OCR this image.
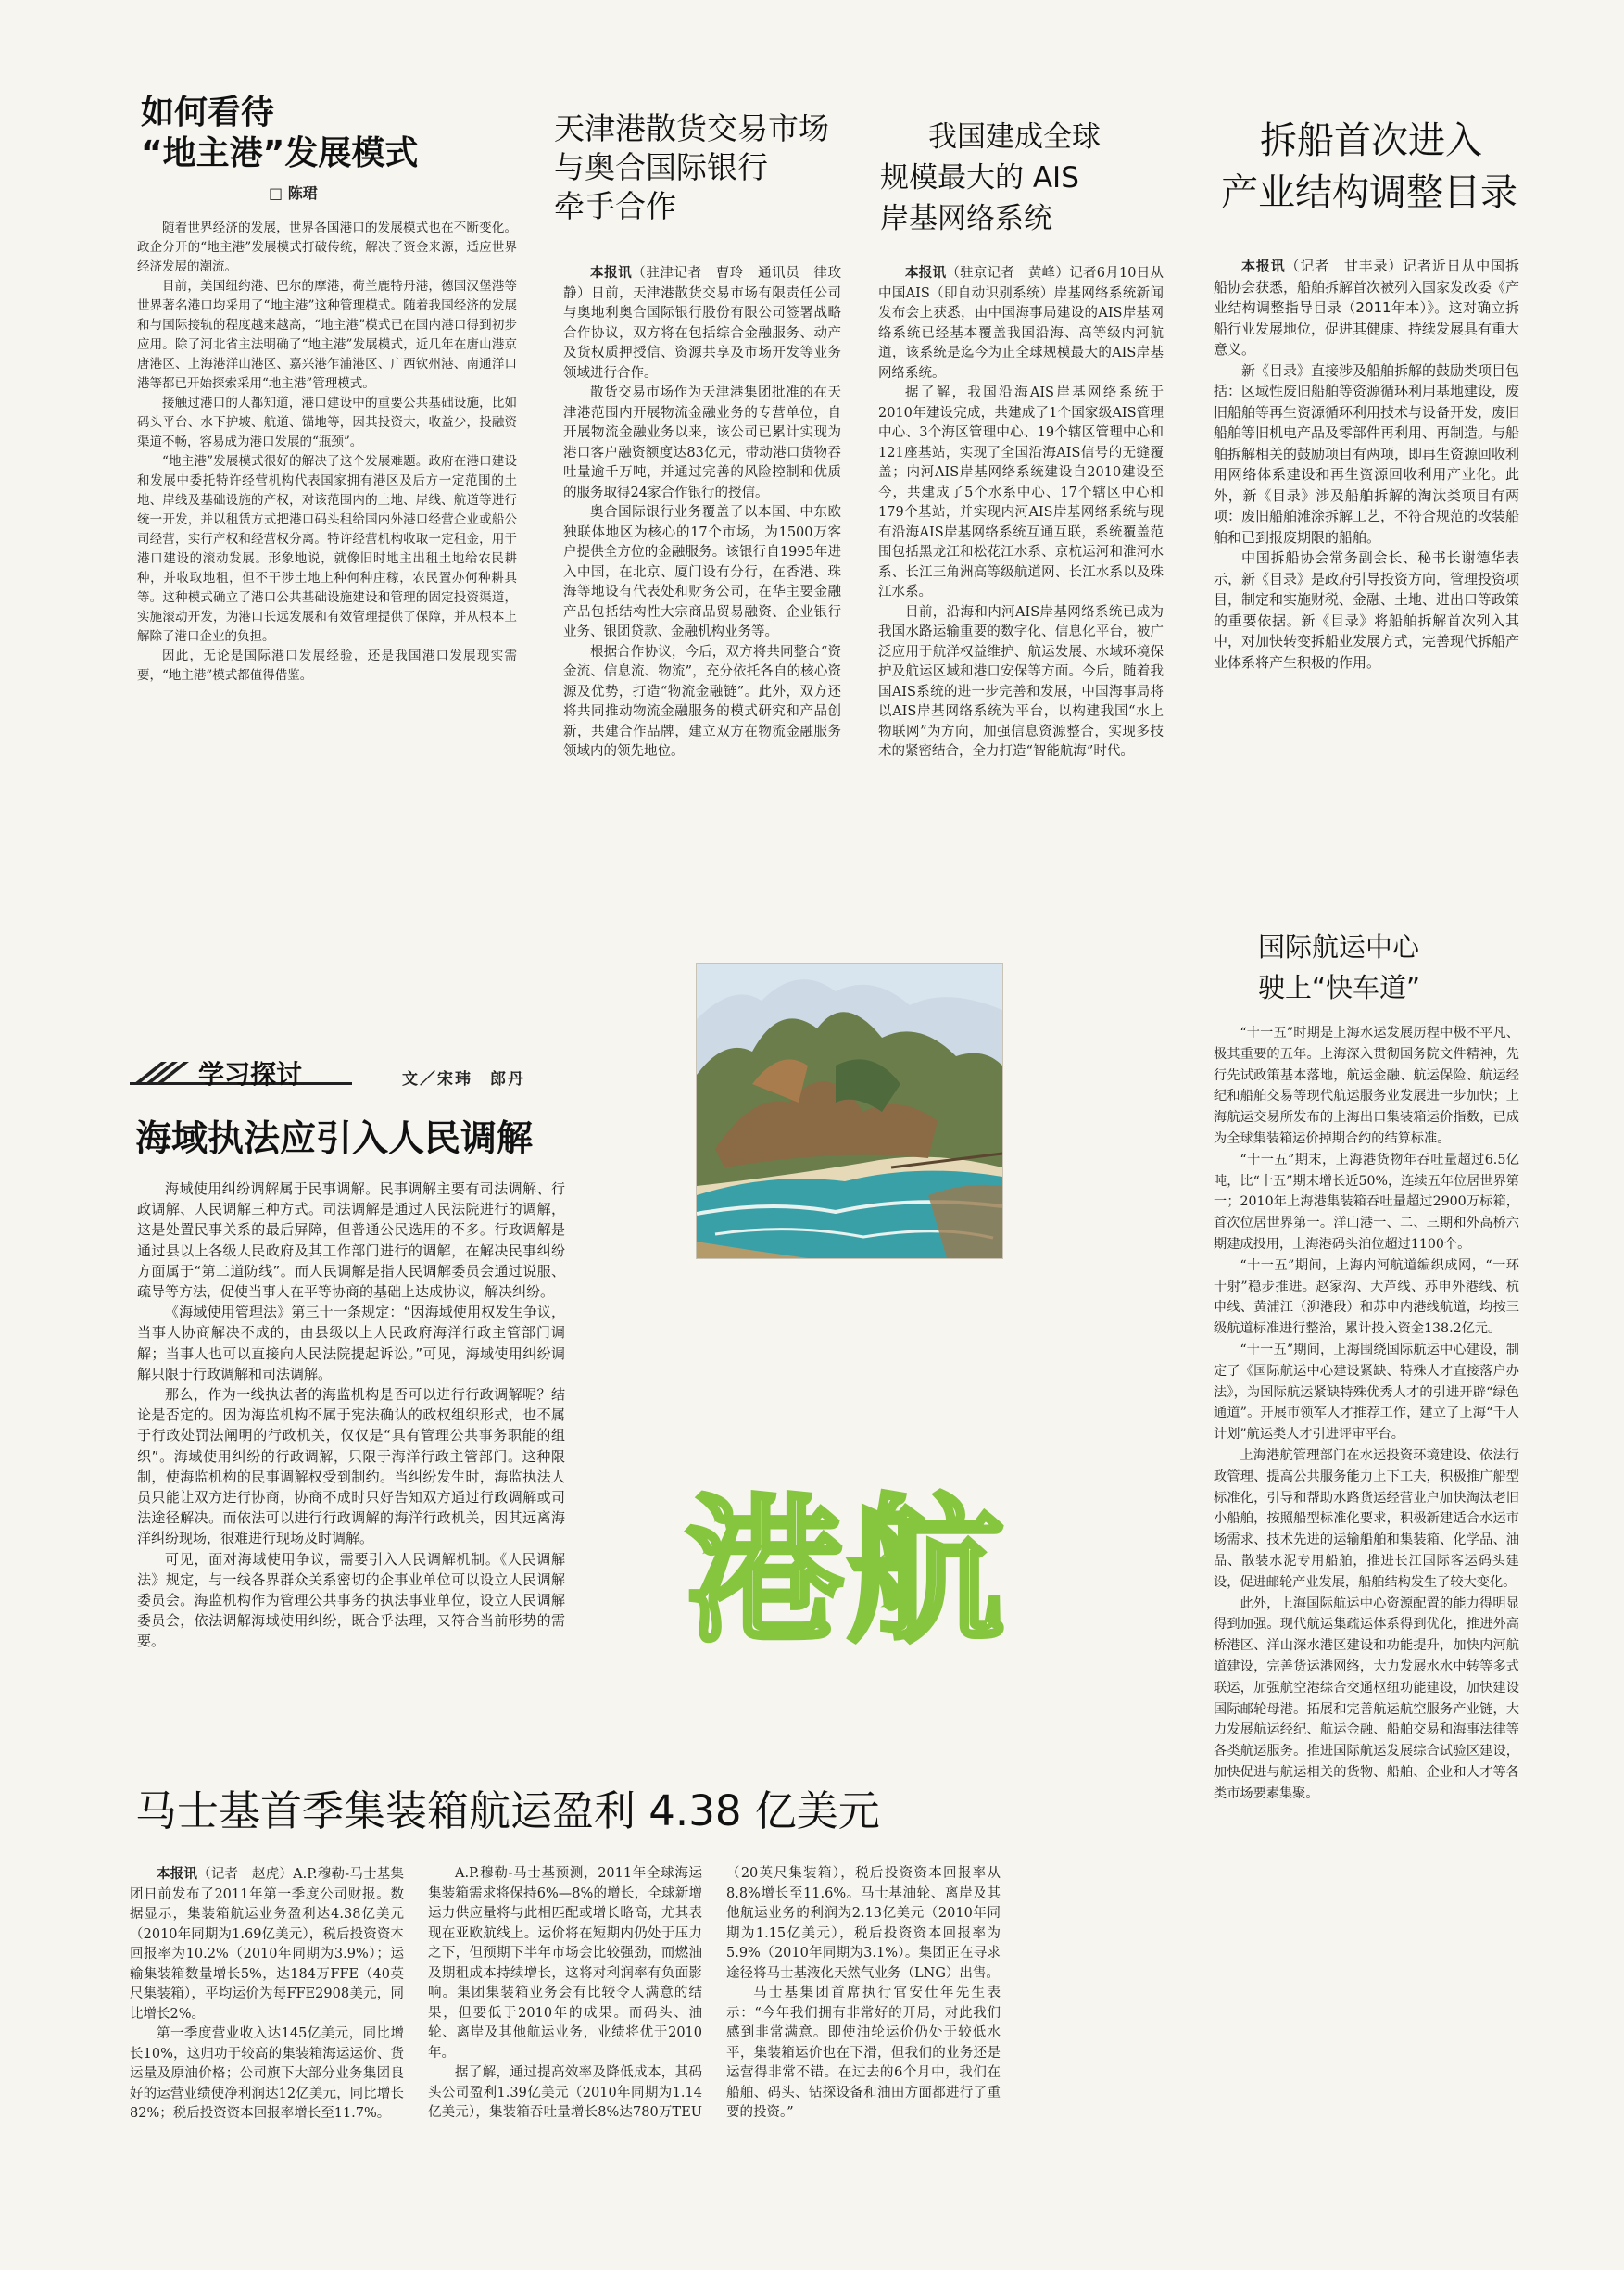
如何看待
“地主港”发展模式
□ 陈珺

随着世界经济的发展，世界各国港口的发展模式也在不断变化。政企分开的“地主港”发展模式打破传统，解决了资金来源，适应世界经济发展的潮流。

目前，美国纽约港、巴尔的摩港，荷兰鹿特丹港，德国汉堡港等世界著名港口均采用了“地主港”这种管理模式。随着我国经济的发展和与国际接轨的程度越来越高，“地主港”模式已在国内港口得到初步应用。除了河北省主法明确了“地主港”发展模式，近几年在唐山港京唐港区、上海港洋山港区、嘉兴港乍浦港区、广西钦州港、南通洋口港等都已开始探索采用“地主港”管理模式。

接触过港口的人都知道，港口建设中的重要公共基础设施，比如码头平台、水下护坡、航道、锚地等，因其投资大，收益少，投融资渠道不畅，容易成为港口发展的“瓶颈”。

“地主港”发展模式很好的解决了这个发展难题。政府在港口建设和发展中委托特许经营机构代表国家拥有港区及后方一定范围的土地、岸线及基础设施的产权，对该范围内的土地、岸线、航道等进行统一开发，并以租赁方式把港口码头租给国内外港口经营企业或船公司经营，实行产权和经营权分离。特许经营机构收取一定租金，用于港口建设的滚动发展。形象地说，就像旧时地主出租土地给农民耕种，并收取地租，但不干涉土地上种何种庄稼，农民置办何种耕具等。这种模式确立了港口公共基础设施建设和管理的固定投资渠道，实施滚动开发，为港口长远发展和有效管理提供了保障，并从根本上解除了港口企业的负担。

因此，无论是国际港口发展经验，还是我国港口发展现实需要，“地主港”模式都值得借鉴。

天津港散货交易市场
与奥合国际银行
牵手合作

本报讯（驻津记者　曹玲　通讯员　律玫静）日前，天津港散货交易市场有限责任公司与奥地利奥合国际银行股份有限公司签署战略合作协议，双方将在包括综合金融服务、动产及货权质押授信、资源共享及市场开发等业务领域进行合作。

散货交易市场作为天津港集团批准的在天津港范围内开展物流金融业务的专营单位，自开展物流金融业务以来，该公司已累计实现为港口客户融资额度达83亿元，带动港口货物吞吐量逾千万吨，并通过完善的风险控制和优质的服务取得24家合作银行的授信。

奥合国际银行业务覆盖了以本国、中东欧独联体地区为核心的17个市场，为1500万客户提供全方位的金融服务。该银行自1995年进入中国，在北京、厦门设有分行，在香港、珠海等地设有代表处和财务公司，在华主要金融产品包括结构性大宗商品贸易融资、企业银行业务、银团贷款、金融机构业务等。

根据合作协议，今后，双方将共同整合“资金流、信息流、物流”，充分依托各自的核心资源及优势，打造“物流金融链”。此外，双方还将共同推动物流金融服务的模式研究和产品创新，共建合作品牌，建立双方在物流金融服务领域内的领先地位。

我国建成全球
规模最大的 AIS
岸基网络系统

本报讯（驻京记者　黄峰）记者6月10日从中国AIS（即自动识别系统）岸基网络系统新闻发布会上获悉，由中国海事局建设的AIS岸基网络系统已经基本覆盖我国沿海、高等级内河航道，该系统是迄今为止全球规模最大的AIS岸基网络系统。

据了解，我国沿海AIS岸基网络系统于2010年建设完成，共建成了1个国家级AIS管理中心、3个海区管理中心、19个辖区管理中心和121座基站，实现了全国沿海AIS信号的无缝覆盖；内河AIS岸基网络系统建设自2010建设至今，共建成了5个水系中心、17个辖区中心和179个基站，并实现内河AIS岸基网络系统与现有沿海AIS岸基网络系统互通互联，系统覆盖范围包括黑龙江和松花江水系、京杭运河和淮河水系、长江三角洲高等级航道网、长江水系以及珠江水系。

目前，沿海和内河AIS岸基网络系统已成为我国水路运输重要的数字化、信息化平台，被广泛应用于航洋权益维护、航运发展、水域环境保护及航运区域和港口安保等方面。今后，随着我国AIS系统的进一步完善和发展，中国海事局将以AIS岸基网络系统为平台，以构建我国“水上物联网”为方向，加强信息资源整合，实现多技术的紧密结合，全力打造“智能航海”时代。

拆船首次进入
产业结构调整目录

本报讯（记者　甘丰录）记者近日从中国拆船协会获悉，船舶拆解首次被列入国家发改委《产业结构调整指导目录（2011年本）》。这对确立拆船行业发展地位，促进其健康、持续发展具有重大意义。

新《目录》直接涉及船舶拆解的鼓励类项目包括：区域性废旧船舶等资源循环利用基地建设，废旧船舶等再生资源循环利用技术与设备开发，废旧船舶等旧机电产品及零部件再利用、再制造。与船舶拆解相关的鼓励项目有两项，即再生资源回收利用网络体系建设和再生资源回收利用产业化。此外，新《目录》涉及船舶拆解的淘汰类项目有两项：废旧船舶滩涂拆解工艺，不符合规范的改装船舶和已到报废期限的船舶。

中国拆船协会常务副会长、秘书长谢德华表示，新《目录》是政府引导投资方向，管理投资项目，制定和实施财税、金融、土地、进出口等政策的重要依据。新《目录》将船舶拆解首次列入其中，对加快转变拆船业发展方式，完善现代拆船产业体系将产生积极的作用。

港航
学习探讨	文／宋玮　郎丹
海域执法应引入人民调解

海域使用纠纷调解属于民事调解。民事调解主要有司法调解、行政调解、人民调解三种方式。司法调解是通过人民法院进行的调解，这是处置民事关系的最后屏障，但普通公民选用的不多。行政调解是通过县以上各级人民政府及其工作部门进行的调解，在解决民事纠纷方面属于“第二道防线”。而人民调解是指人民调解委员会通过说服、疏导等方法，促使当事人在平等协商的基础上达成协议，解决纠纷。

《海域使用管理法》第三十一条规定：“因海域使用权发生争议，当事人协商解决不成的，由县级以上人民政府海洋行政主管部门调解；当事人也可以直接向人民法院提起诉讼。”可见，海域使用纠纷调解只限于行政调解和司法调解。

那么，作为一线执法者的海监机构是否可以进行行政调解呢？结论是否定的。因为海监机构不属于宪法确认的政权组织形式，也不属于行政处罚法阐明的行政机关，仅仅是“具有管理公共事务职能的组织”。海域使用纠纷的行政调解，只限于海洋行政主管部门。这种限制，使海监机构的民事调解权受到制约。当纠纷发生时，海监执法人员只能让双方进行协商，协商不成时只好告知双方通过行政调解或司法途径解决。而依法可以进行行政调解的海洋行政机关，因其远离海洋纠纷现场，很难进行现场及时调解。

可见，面对海域使用争议，需要引入人民调解机制。《人民调解法》规定，与一线各界群众关系密切的企事业单位可以设立人民调解委员会。海监机构作为管理公共事务的执法事业单位，设立人民调解委员会，依法调解海域使用纠纷，既合乎法理，又符合当前形势的需要。

国际航运中心
驶上“快车道”

“十一五”时期是上海水运发展历程中极不平凡、极其重要的五年。上海深入贯彻国务院文件精神，先行先试政策基本落地，航运金融、航运保险、航运经纪和船舶交易等现代航运服务业发展进一步加快；上海航运交易所发布的上海出口集装箱运价指数，已成为全球集装箱运价掉期合约的结算标准。

“十一五”期末，上海港货物年吞吐量超过6.5亿吨，比“十五”期末增长近50%，连续五年位居世界第一；2010年上海港集装箱吞吐量超过2900万标箱，首次位居世界第一。洋山港一、二、三期和外高桥六期建成投用，上海港码头泊位超过1100个。

“十一五”期间，上海内河航道编织成网，“一环十射”稳步推进。赵家沟、大芦线、苏申外港线、杭申线、黄浦江（泖港段）和苏申内港线航道，均按三级航道标准进行整治，累计投入资金138.2亿元。

“十一五”期间，上海围绕国际航运中心建设，制定了《国际航运中心建设紧缺、特殊人才直接落户办法》，为国际航运紧缺特殊优秀人才的引进开辟“绿色通道”。开展市领军人才推荐工作，建立了上海“千人计划”航运类人才引进评审平台。

上海港航管理部门在水运投资环境建设、依法行政管理、提高公共服务能力上下工夫，积极推广船型标准化，引导和帮助水路货运经营业户加快淘汰老旧小船舶，按照船型标准化要求，积极新建适合水运市场需求、技术先进的运输船舶和集装箱、化学品、油品、散装水泥专用船舶，推进长江国际客运码头建设，促进邮轮产业发展，船舶结构发生了较大变化。

此外，上海国际航运中心资源配置的能力得明显得到加强。现代航运集疏运体系得到优化，推进外高桥港区、洋山深水港区建设和功能提升，加快内河航道建设，完善货运港网络，大力发展水水中转等多式联运，加强航空港综合交通枢纽功能建设，加快建设国际邮轮母港。拓展和完善航运航空服务产业链，大力发展航运经纪、航运金融、船舶交易和海事法律等各类航运服务。推进国际航运发展综合试验区建设，加快促进与航运相关的货物、船舶、企业和人才等各类市场要素集聚。

马士基首季集装箱航运盈利 4.38 亿美元

本报讯（记者　赵虎）A.P.穆勒-马士基集团日前发布了2011年第一季度公司财报。数据显示，集装箱航运业务盈利达4.38亿美元（2010年同期为1.69亿美元），税后投资资本回报率为10.2%（2010年同期为3.9%）；运输集装箱数量增长5%，达184万FFE（40英尺集装箱），平均运价为每FFE2908美元，同比增长2%。

第一季度营业收入达145亿美元，同比增长10%，这归功于较高的集装箱海运运价、货运量及原油价格；公司旗下大部分业务集团良好的运营业绩使净利润达12亿美元，同比增长82%；税后投资资本回报率增长至11.7%。

A.P.穆勒-马士基预测，2011年全球海运集装箱需求将保持6%—8%的增长，全球新增运力供应量将与此相匹配或增长略高，尤其表现在亚欧航线上。运价将在短期内仍处于压力之下，但预期下半年市场会比较强劲，而燃油及期租成本持续增长，这将对利润率有负面影响。集团集装箱业务会有比较令人满意的结果，但要低于2010年的成果。而码头、油轮、离岸及其他航运业务，业绩将优于2010年。

据了解，通过提高效率及降低成本，其码头公司盈利1.39亿美元（2010年同期为1.14亿美元），集装箱吞吐量增长8%达780万TEU（20英尺集装箱），税后投资资本回报率从8.8%增长至11.6%。马士基油轮、离岸及其他航运业务的利润为2.13亿美元（2010年同期为1.15亿美元），税后投资资本回报率为5.9%（2010年同期为3.1%）。集团正在寻求途径将马士基液化天然气业务（LNG）出售。

马士基集团首席执行官安仕年先生表示：“今年我们拥有非常好的开局，对此我们感到非常满意。即使油轮运价仍处于较低水平，集装箱运价也在下滑，但我们的业务还是运营得非常不错。在过去的6个月中，我们在船舶、码头、钻探设备和油田方面都进行了重要的投资。”
